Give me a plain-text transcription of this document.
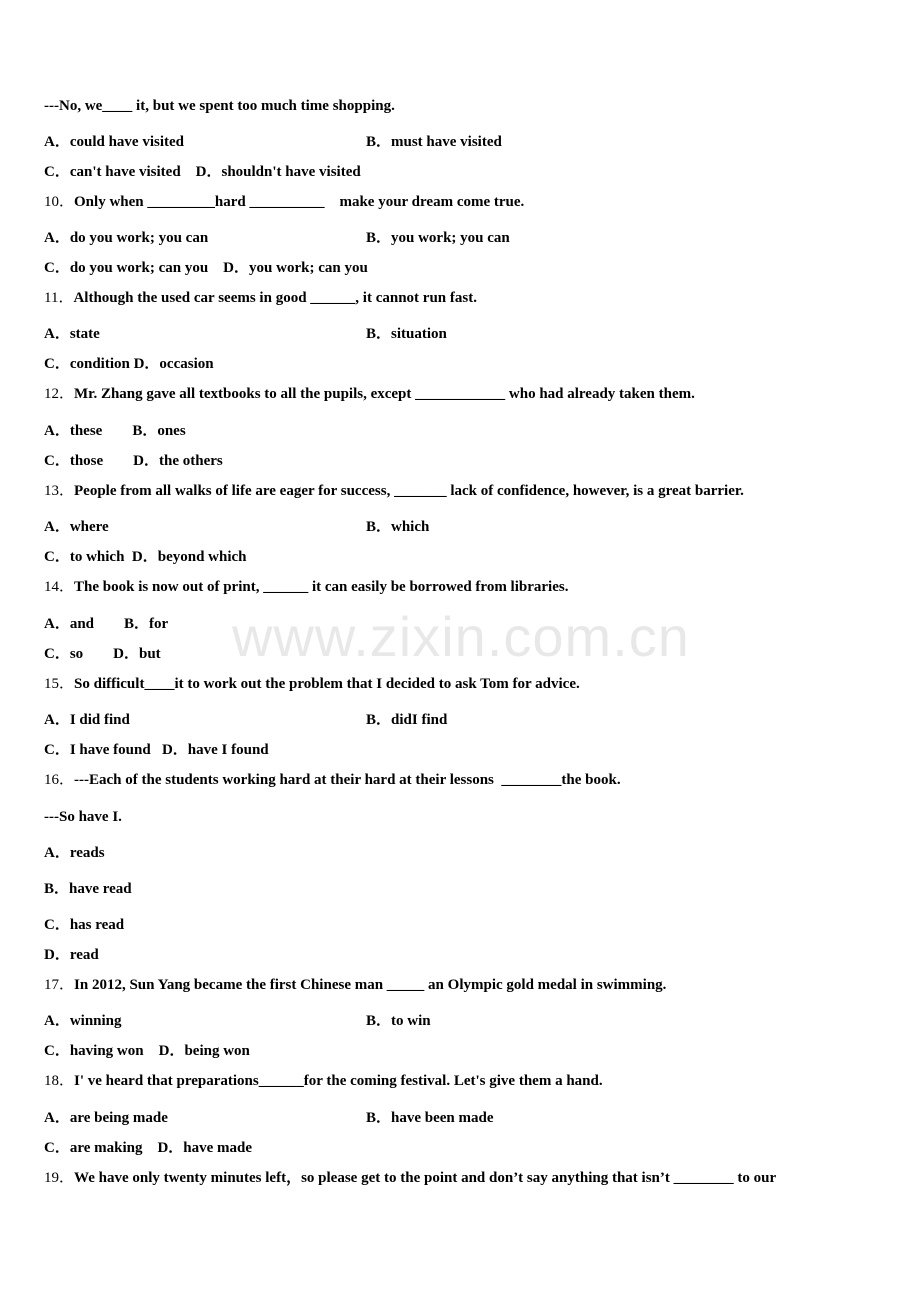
---No, we____ it, but we spent too much time shopping.
A．could have visited	B．must have visited
C．can't have visited    D．shouldn't have visited
10．Only when _________hard __________    make your dream come true.
A．do you work; you can	B．you work; you can
C．do you work; can you    D．you work; can you
11．Although the used car seems in good ______, it cannot run fast.
A．state	B．situation
C．condition D．occasion
12．Mr. Zhang gave all textbooks to all the pupils, except ____________ who had already taken them.
A．these        B．ones
C．those        D．the others
13．People from all walks of life are eager for success, _______ lack of confidence, however, is a great barrier.
A．where	B．which
C．to which  D．beyond which
14．The book is now out of print, ______ it can easily be borrowed from libraries.
A．and        B．for
C．so        D．but
15．So difficult____it to work out the problem that I decided to ask Tom for advice.
A．I did find	B．didI find
C．I have found   D．have I found
16．---Each of the students working hard at their hard at their lessons  ________the book.
---So have I.
A．reads
B．have read
C．has read
D．read
17．In 2012, Sun Yang became the first Chinese man _____ an Olympic gold medal in swimming.
A．winning	B．to win
C．having won    D．being won
18．I' ve heard that preparations______for the coming festival. Let's give them a hand.
A．are being made	B．have been made
C．are making    D．have made
19．We have only twenty minutes left，so please get to the point and don’t say anything that isn’t ________ to our
www.zixin.com.cn
